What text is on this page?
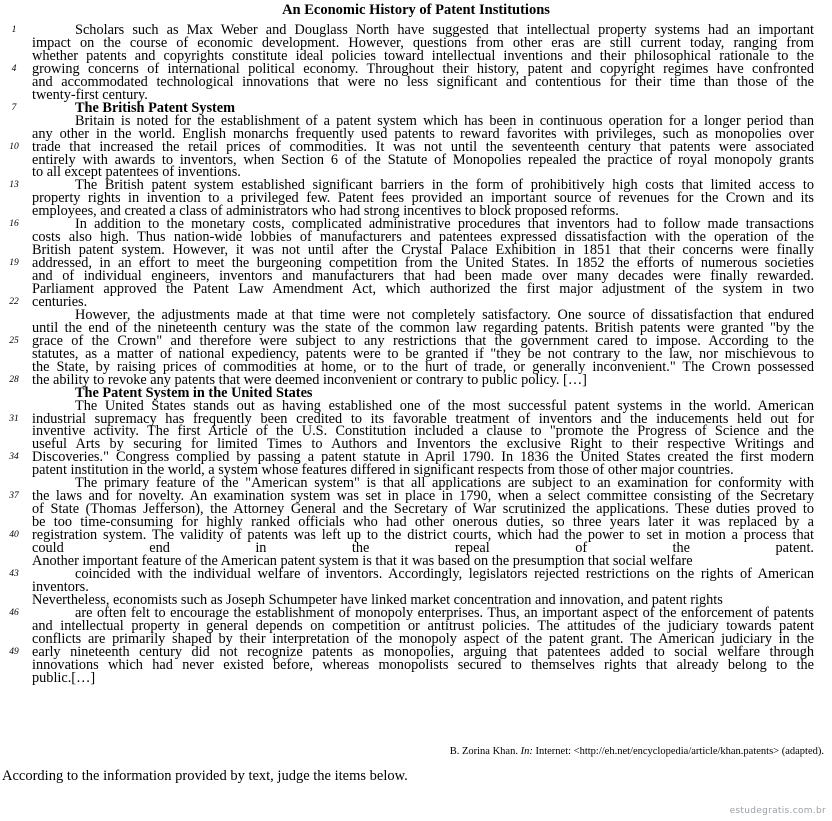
An Economic History of Patent Institutions
Scholars such as Max Weber and Douglass North have suggested that intellectual property systems had an important
impact on the course of economic development. However, questions from other eras are still current today, ranging from
whether patents and copyrights constitute ideal policies toward intellectual inventions and their philosophical rationale to the
growing concerns of international political economy. Throughout their history, patent and copyright regimes have confronted
and accommodated technological innovations that were no less significant and contentious for their time than those of the
twenty-first century.
The British Patent System
Britain is noted for the establishment of a patent system which has been in continuous operation for a longer period than
any other in the world. English monarchs frequently used patents to reward favorites with privileges, such as monopolies over
trade that increased the retail prices of commodities. It was not until the seventeenth century that patents were associated
entirely with awards to inventors, when Section 6 of the Statute of Monopolies repealed the practice of royal monopoly grants
to all except patentees of inventions.
The British patent system established significant barriers in the form of prohibitively high costs that limited access to
property rights in invention to a privileged few. Patent fees provided an important source of revenues for the Crown and its
employees, and created a class of administrators who had strong incentives to block proposed reforms.
In addition to the monetary costs, complicated administrative procedures that inventors had to follow made transactions
costs also high. Thus nation-wide lobbies of manufacturers and patentees expressed dissatisfaction with the operation of the
British patent system. However, it was not until after the Crystal Palace Exhibition in 1851 that their concerns were finally
addressed, in an effort to meet the burgeoning competition from the United States. In 1852 the efforts of numerous societies
and of individual engineers, inventors and manufacturers that had been made over many decades were finally rewarded.
Parliament approved the Patent Law Amendment Act, which authorized the first major adjustment of the system in two
centuries.
However, the adjustments made at that time were not completely satisfactory. One source of dissatisfaction that endured
until the end of the nineteenth century was the state of the common law regarding patents. British patents were granted "by the
grace of the Crown" and therefore were subject to any restrictions that the government cared to impose. According to the
statutes, as a matter of national expediency, patents were to be granted if "they be not contrary to the law, nor mischievous to
the State, by raising prices of commodities at home, or to the hurt of trade, or generally inconvenient." The Crown possessed
the ability to revoke any patents that were deemed inconvenient or contrary to public policy. […]
The Patent System in the United States
The United States stands out as having established one of the most successful patent systems in the world. American
industrial supremacy has frequently been credited to its favorable treatment of inventors and the inducements held out for
inventive activity. The first Article of the U.S. Constitution included a clause to "promote the Progress of Science and the
useful Arts by securing for limited Times to Authors and Inventors the exclusive Right to their respective Writings and
Discoveries." Congress complied by passing a patent statute in April 1790. In 1836 the United States created the first modern
patent institution in the world, a system whose features differed in significant respects from those of other major countries.
The primary feature of the "American system" is that all applications are subject to an examination for conformity with
the laws and for novelty. An examination system was set in place in 1790, when a select committee consisting of the Secretary
of State (Thomas Jefferson), the Attorney General and the Secretary of War scrutinized the applications. These duties proved to
be too time-consuming for highly ranked officials who had other onerous duties, so three years later it was replaced by a
registration system. The validity of patents was left up to the district courts, which had the power to set in motion a process that
could end in the repeal of the patent.
Another important feature of the American patent system is that it was based on the presumption that social welfare
coincided with the individual welfare of inventors. Accordingly, legislators rejected restrictions on the rights of American
inventors.
Nevertheless, economists such as Joseph Schumpeter have linked market concentration and innovation, and patent rights
are often felt to encourage the establishment of monopoly enterprises. Thus, an important aspect of the enforcement of patents
and intellectual property in general depends on competition or antitrust policies. The attitudes of the judiciary towards patent
conflicts are primarily shaped by their interpretation of the monopoly aspect of the patent grant. The American judiciary in the
early nineteenth century did not recognize patents as monopolies, arguing that patentees added to social welfare through
innovations which had never existed before, whereas monopolists secured to themselves rights that already belong to the
public.[…]
1
4
7
10
13
16
19
22
25
28
31
34
37
40
43
46
49
B. Zorina Khan. In: Internet: <http://eh.net/encyclopedia/article/khan.patents> (adapted).
According to the information provided by text, judge the items below.
estudegratis.com.br
